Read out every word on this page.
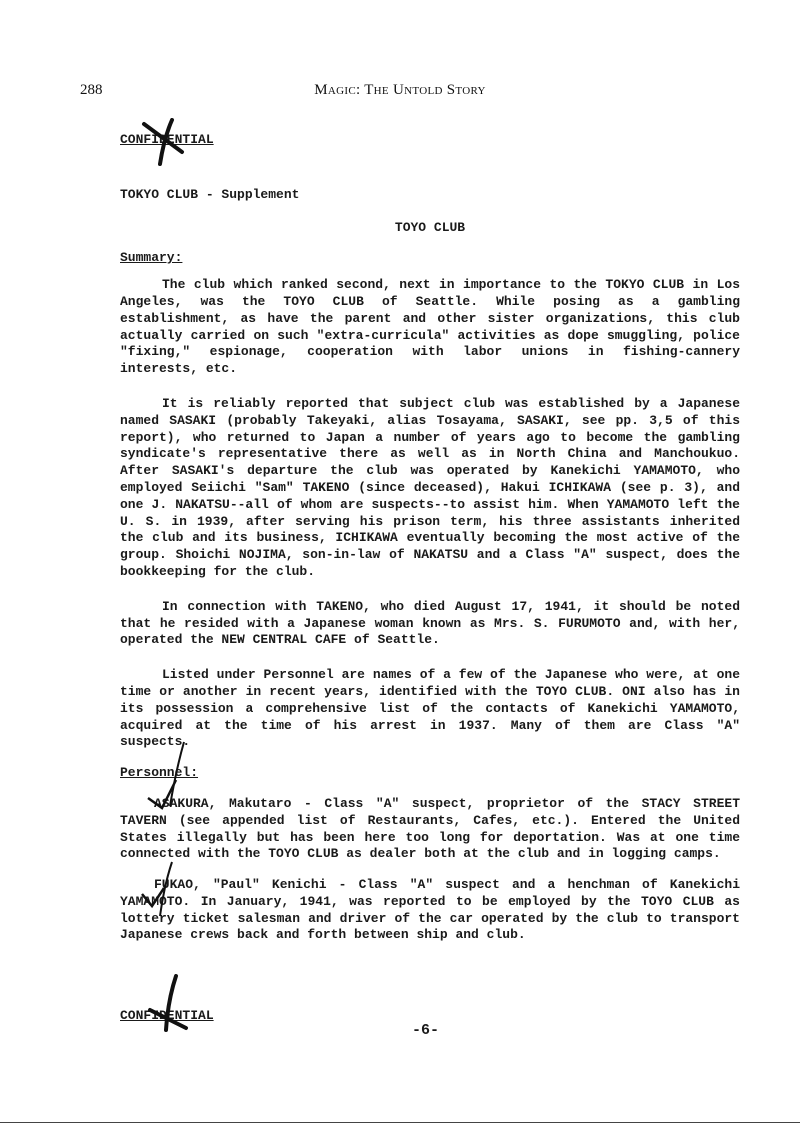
288	Magic: The Untold Story

CONFIDENTIAL

TOKYO CLUB - Supplement

TOYO CLUB

Summary:

The club which ranked second, next in importance to the TOKYO CLUB in Los Angeles, was the TOYO CLUB of Seattle. While posing as a gambling establishment, as have the parent and other sister organizations, this club actually carried on such "extra-curricula" activities as dope smuggling, police "fixing," espionage, cooperation with labor unions in fishing-cannery interests, etc.

It is reliably reported that subject club was established by a Japanese named SASAKI (probably Takeyaki, alias Tosayama, SASAKI, see pp. 3,5 of this report), who returned to Japan a number of years ago to become the gambling syndicate's representative there as well as in North China and Manchoukuo. After SASAKI's departure the club was operated by Kanekichi YAMAMOTO, who employed Seiichi "Sam" TAKENO (since deceased), Hakui ICHIKAWA (see p. 3), and one J. NAKATSU--all of whom are suspects--to assist him. When YAMAMOTO left the U. S. in 1939, after serving his prison term, his three assistants inherited the club and its business, ICHIKAWA eventually becoming the most active of the group. Shoichi NOJIMA, son-in-law of NAKATSU and a Class "A" suspect, does the bookkeeping for the club.

In connection with TAKENO, who died August 17, 1941, it should be noted that he resided with a Japanese woman known as Mrs. S. FURUMOTO and, with her, operated the NEW CENTRAL CAFE of Seattle.

Listed under Personnel are names of a few of the Japanese who were, at one time or another in recent years, identified with the TOYO CLUB. ONI also has in its possession a comprehensive list of the contacts of Kanekichi YAMAMOTO, acquired at the time of his arrest in 1937. Many of them are Class "A" suspects.

Personnel:

ASAKURA, Makutaro - Class "A" suspect, proprietor of the STACY STREET TAVERN (see appended list of Restaurants, Cafes, etc.). Entered the United States illegally but has been here too long for deportation. Was at one time connected with the TOYO CLUB as dealer both at the club and in logging camps.

FUKAO, "Paul" Kenichi - Class "A" suspect and a henchman of Kanekichi YAMAMOTO. In January, 1941, was reported to be employed by the TOYO CLUB as lottery ticket salesman and driver of the car operated by the club to transport Japanese crews back and forth between ship and club.

CONFIDENTIAL
-6-
